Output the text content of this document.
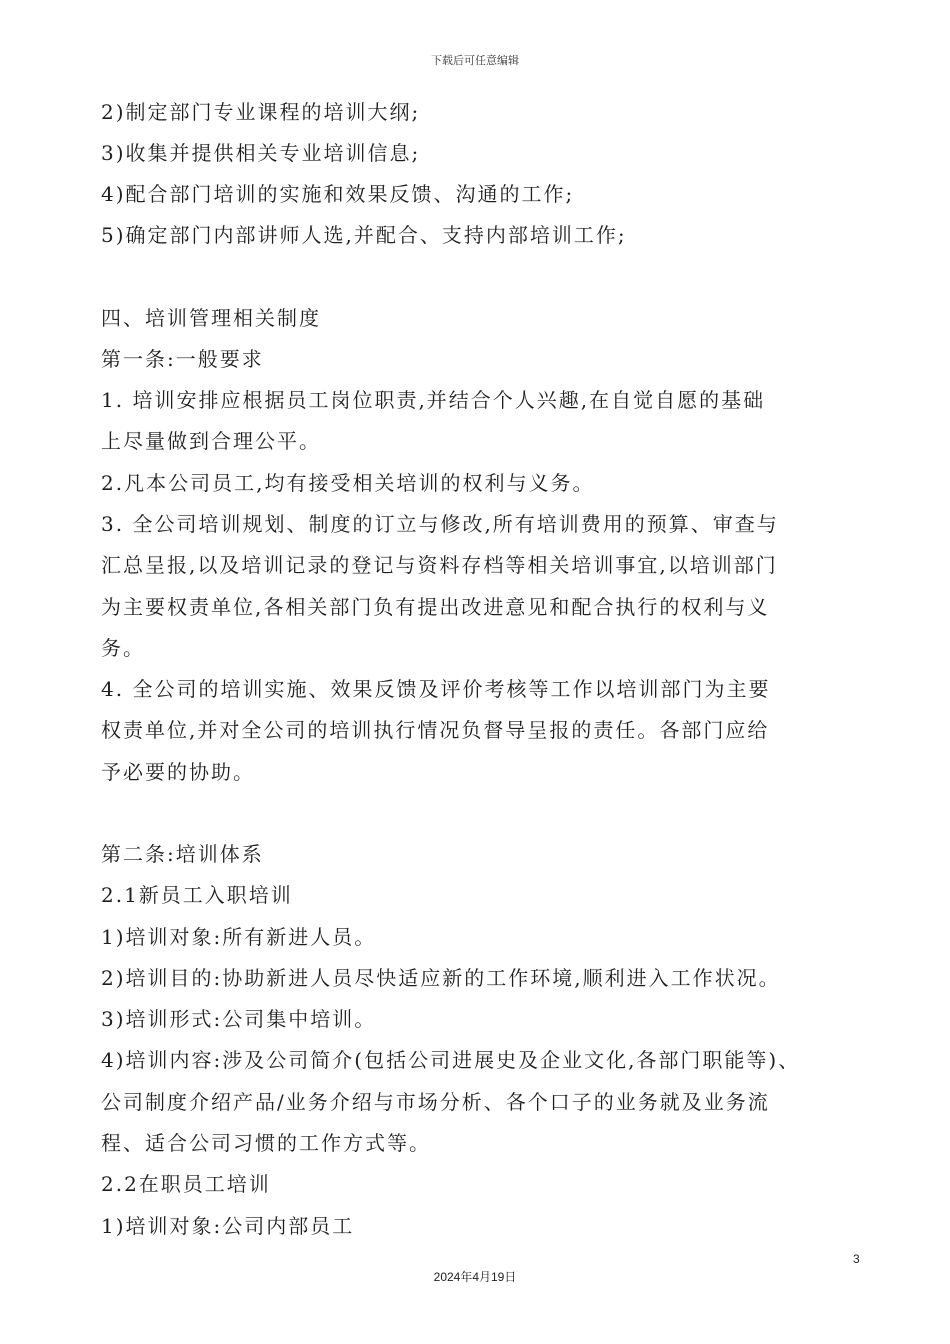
下载后可任意编辑
2)制定部门专业课程的培训大纲;
3)收集并提供相关专业培训信息;
4)配合部门培训的实施和效果反馈、沟通的工作;
5)确定部门内部讲师人选,并配合、支持内部培训工作;
四、培训管理相关制度
第一条:一般要求
1. 培训安排应根据员工岗位职责,并结合个人兴趣,在自觉自愿的基础
上尽量做到合理公平。
2.凡本公司员工,均有接受相关培训的权利与义务。
3. 全公司培训规划、制度的订立与修改,所有培训费用的预算、审查与
汇总呈报,以及培训记录的登记与资料存档等相关培训事宜,以培训部门
为主要权责单位,各相关部门负有提出改进意见和配合执行的权利与义
务。
4. 全公司的培训实施、效果反馈及评价考核等工作以培训部门为主要
权责单位,并对全公司的培训执行情况负督导呈报的责任。各部门应给
予必要的协助。
第二条:培训体系
2.1新员工入职培训
1)培训对象:所有新进人员。
2)培训目的:协助新进人员尽快适应新的工作环境,顺利进入工作状况。
3)培训形式:公司集中培训。
4)培训内容:涉及公司简介(包括公司进展史及企业文化,各部门职能等)、
公司制度介绍产品/业务介绍与市场分析、各个口子的业务就及业务流
程、适合公司习惯的工作方式等。
2.2在职员工培训
1)培训对象:公司内部员工
3
2024年4月19日
